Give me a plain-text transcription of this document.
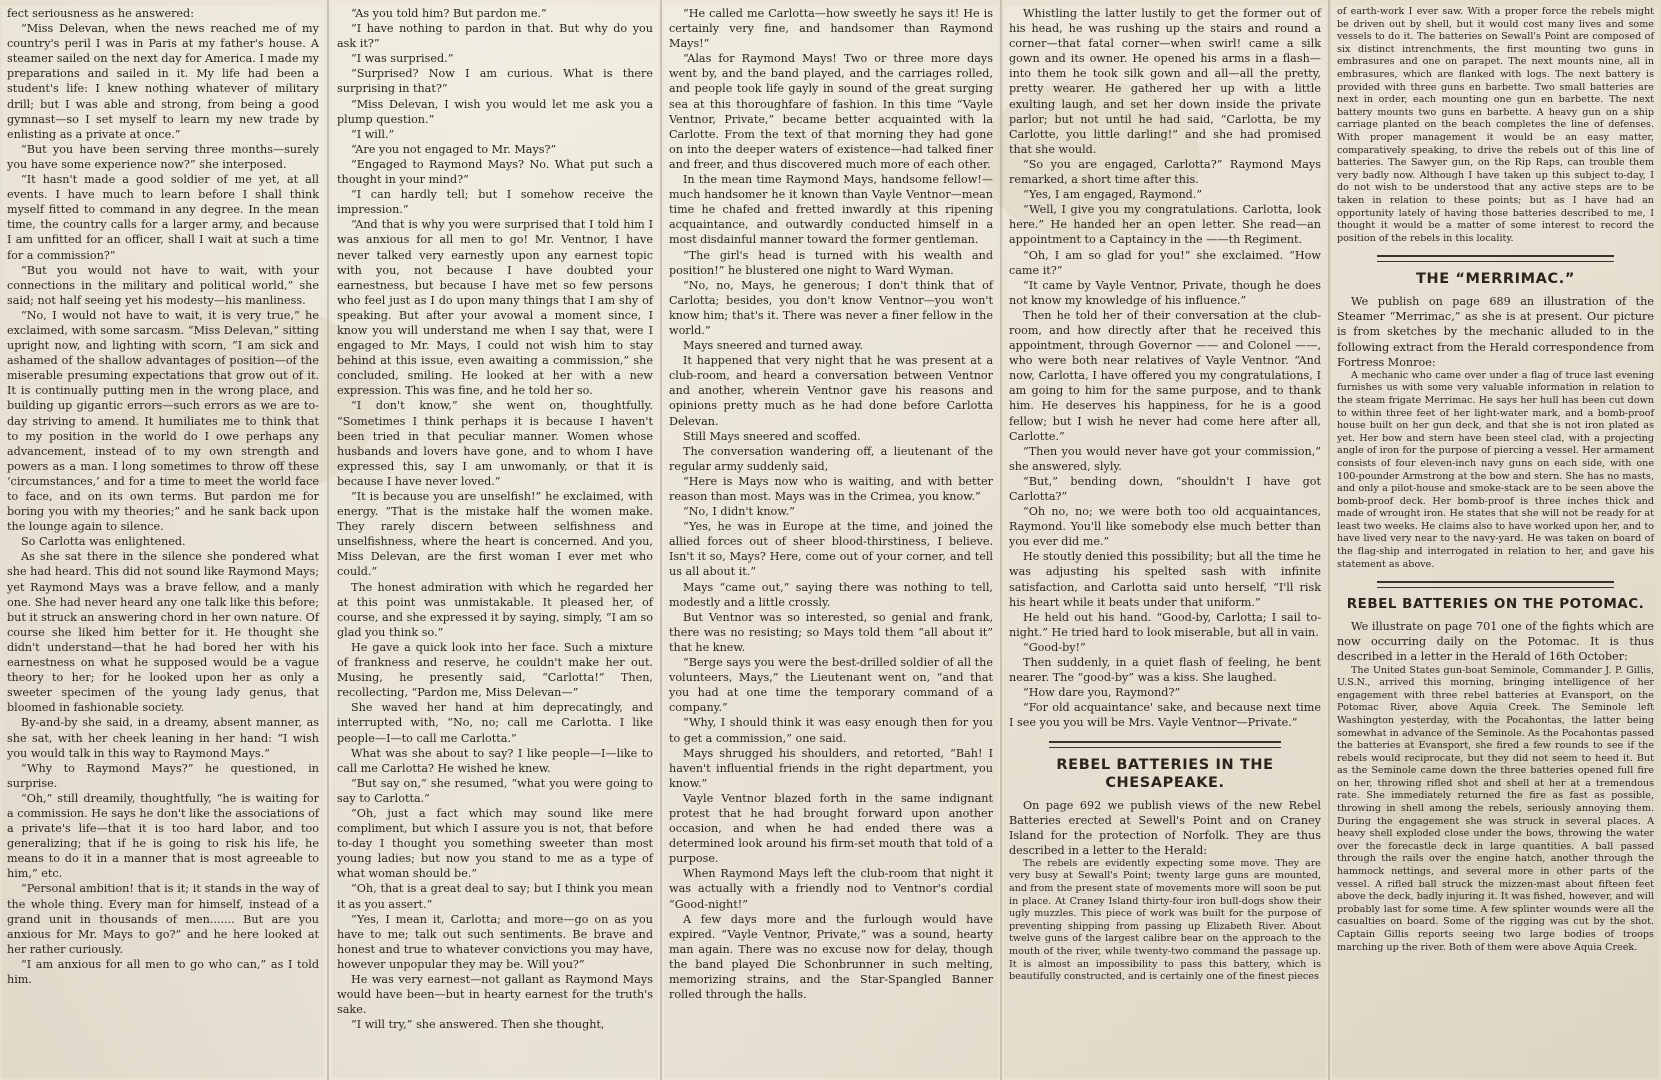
fect seriousness as he answered:

“Miss Delevan, when the news reached me of my country's peril I was in Paris at my father's house. A steamer sailed on the next day for America. I made my preparations and sailed in it. My life had been a student's life: I knew nothing whatever of military drill; but I was able and strong, from being a good gymnast—so I set myself to learn my new trade by enlisting as a private at once.”

“But you have been serving three months—surely you have some experience now?” she interposed.

“It hasn't made a good soldier of me yet, at all events. I have much to learn before I shall think myself fitted to command in any degree. In the mean time, the country calls for a larger army, and because I am unfitted for an officer, shall I wait at such a time for a commission?”

“But you would not have to wait, with your connections in the military and political world,” she said; not half seeing yet his modesty—his manliness.

“No, I would not have to wait, it is very true,” he exclaimed, with some sarcasm. “Miss Delevan,” sitting upright now, and lighting with scorn, “I am sick and ashamed of the shallow advantages of position—of the miserable presuming expectations that grow out of it. It is continually putting men in the wrong place, and building up gigantic errors—such errors as we are to-day striving to amend. It humiliates me to think that to my position in the world do I owe perhaps any advancement, instead of to my own strength and powers as a man. I long sometimes to throw off these ‘circumstances,’ and for a time to meet the world face to face, and on its own terms. But pardon me for boring you with my theories;” and he sank back upon the lounge again to silence.

So Carlotta was enlightened.

As she sat there in the silence she pondered what she had heard. This did not sound like Raymond Mays; yet Raymond Mays was a brave fellow, and a manly one. She had never heard any one talk like this before; but it struck an answering chord in her own nature. Of course she liked him better for it. He thought she didn't understand—that he had bored her with his earnestness on what he supposed would be a vague theory to her; for he looked upon her as only a sweeter specimen of the young lady genus, that bloomed in fashionable society.

By-and-by she said, in a dreamy, absent manner, as she sat, with her cheek leaning in her hand: “I wish you would talk in this way to Raymond Mays.”

“Why to Raymond Mays?” he questioned, in surprise.

“Oh,” still dreamily, thoughtfully, “he is waiting for a commission. He says he don't like the associations of a private's life—that it is too hard labor, and too generalizing; that if he is going to risk his life, he means to do it in a manner that is most agreeable to him,” etc.

“Personal ambition! that is it; it stands in the way of the whole thing. Every man for himself, instead of a grand unit in thousands of men....... But are you anxious for Mr. Mays to go?” and he here looked at her rather curiously.

“I am anxious for all men to go who can,” as I told him.

“As you told him? But pardon me.”

“I have nothing to pardon in that. But why do you ask it?”

“I was surprised.”

“Surprised? Now I am curious. What is there surprising in that?”

“Miss Delevan, I wish you would let me ask you a plump question.”

“I will.”

“Are you not engaged to Mr. Mays?”

“Engaged to Raymond Mays? No. What put such a thought in your mind?”

“I can hardly tell; but I somehow receive the impression.”

“And that is why you were surprised that I told him I was anxious for all men to go! Mr. Ventnor, I have never talked very earnestly upon any earnest topic with you, not because I have doubted your earnestness, but because I have met so few persons who feel just as I do upon many things that I am shy of speaking. But after your avowal a moment since, I know you will understand me when I say that, were I engaged to Mr. Mays, I could not wish him to stay behind at this issue, even awaiting a commission,” she concluded, smiling. He looked at her with a new expression. This was fine, and he told her so.

“I don't know,” she went on, thoughtfully. “Sometimes I think perhaps it is because I haven't been tried in that peculiar manner. Women whose husbands and lovers have gone, and to whom I have expressed this, say I am unwomanly, or that it is because I have never loved.”

“It is because you are unselfish!” he exclaimed, with energy. “That is the mistake half the women make. They rarely discern between selfishness and unselfishness, where the heart is concerned. And you, Miss Delevan, are the first woman I ever met who could.”

The honest admiration with which he regarded her at this point was unmistakable. It pleased her, of course, and she expressed it by saying, simply, “I am so glad you think so.”

He gave a quick look into her face. Such a mixture of frankness and reserve, he couldn't make her out. Musing, he presently said, “Carlotta!” Then, recollecting, “Pardon me, Miss Delevan—”

She waved her hand at him deprecatingly, and interrupted with, “No, no; call me Carlotta. I like people—I—to call me Carlotta.”

What was she about to say? I like people—I—like to call me Carlotta? He wished he knew.

“But say on,” she resumed, “what you were going to say to Carlotta.”

“Oh, just a fact which may sound like mere compliment, but which I assure you is not, that before to-day I thought you something sweeter than most young ladies; but now you stand to me as a type of what woman should be.”

“Oh, that is a great deal to say; but I think you mean it as you assert.”

“Yes, I mean it, Carlotta; and more—go on as you have to me; talk out such sentiments. Be brave and honest and true to whatever convictions you may have, however unpopular they may be. Will you?”

He was very earnest—not gallant as Raymond Mays would have been—but in hearty earnest for the truth's sake.

“I will try,” she answered. Then she thought,

“He called me Carlotta—how sweetly he says it! He is certainly very fine, and handsomer than Raymond Mays!”

“Alas for Raymond Mays! Two or three more days went by, and the band played, and the carriages rolled, and people took life gayly in sound of the great surging sea at this thoroughfare of fashion. In this time “Vayle Ventnor, Private,” became better acquainted with la Carlotte. From the text of that morning they had gone on into the deeper waters of existence—had talked finer and freer, and thus discovered much more of each other.

In the mean time Raymond Mays, handsome fellow!—much handsomer he it known than Vayle Ventnor—mean time he chafed and fretted inwardly at this ripening acquaintance, and outwardly conducted himself in a most disdainful manner toward the former gentleman.

“The girl's head is turned with his wealth and position!” he blustered one night to Ward Wyman.

“No, no, Mays, he generous; I don't think that of Carlotta; besides, you don't know Ventnor—you won't know him; that's it. There was never a finer fellow in the world.”

Mays sneered and turned away.

It happened that very night that he was present at a club-room, and heard a conversation between Ventnor and another, wherein Ventnor gave his reasons and opinions pretty much as he had done before Carlotta Delevan.

Still Mays sneered and scoffed.

The conversation wandering off, a lieutenant of the regular army suddenly said,

“Here is Mays now who is waiting, and with better reason than most. Mays was in the Crimea, you know.”

“No, I didn't know.”

“Yes, he was in Europe at the time, and joined the allied forces out of sheer blood-thirstiness, I believe. Isn't it so, Mays? Here, come out of your corner, and tell us all about it.”

Mays “came out,” saying there was nothing to tell, modestly and a little crossly.

But Ventnor was so interested, so genial and frank, there was no resisting; so Mays told them “all about it” that he knew.

“Berge says you were the best-drilled soldier of all the volunteers, Mays,” the Lieutenant went on, “and that you had at one time the temporary command of a company.”

“Why, I should think it was easy enough then for you to get a commission,” one said.

Mays shrugged his shoulders, and retorted, “Bah! I haven't influential friends in the right department, you know.”

Vayle Ventnor blazed forth in the same indignant protest that he had brought forward upon another occasion, and when he had ended there was a determined look around his firm-set mouth that told of a purpose.

When Raymond Mays left the club-room that night it was actually with a friendly nod to Ventnor's cordial “Good-night!”

A few days more and the furlough would have expired. “Vayle Ventnor, Private,” was a sound, hearty man again. There was no excuse now for delay, though the band played Die Schonbrunner in such melting, memorizing strains, and the Star-Spangled Banner rolled through the halls.

Whistling the latter lustily to get the former out of his head, he was rushing up the stairs and round a corner—that fatal corner—when swirl! came a silk gown and its owner. He opened his arms in a flash—into them he took silk gown and all—all the pretty, pretty wearer. He gathered her up with a little exulting laugh, and set her down inside the private parlor; but not until he had said, “Carlotta, be my Carlotte, you little darling!” and she had promised that she would.

“So you are engaged, Carlotta?” Raymond Mays remarked, a short time after this.

“Yes, I am engaged, Raymond.”

“Well, I give you my congratulations. Carlotta, look here.” He handed her an open letter. She read—an appointment to a Captaincy in the ——th Regiment.

“Oh, I am so glad for you!” she exclaimed. “How came it?”

“It came by Vayle Ventnor, Private, though he does not know my knowledge of his influence.”

Then he told her of their conversation at the club-room, and how directly after that he received this appointment, through Governor —— and Colonel ——, who were both near relatives of Vayle Ventnor. “And now, Carlotta, I have offered you my congratulations, I am going to him for the same purpose, and to thank him. He deserves his happiness, for he is a good fellow; but I wish he never had come here after all, Carlotte.”

“Then you would never have got your commission,” she answered, slyly.

“But,” bending down, “shouldn't I have got Carlotta?”

“Oh no, no; we were both too old acquaintances, Raymond. You'll like somebody else much better than you ever did me.”

He stoutly denied this possibility; but all the time he was adjusting his spelted sash with infinite satisfaction, and Carlotta said unto herself, “I'll risk his heart while it beats under that uniform.”

He held out his hand. “Good-by, Carlotta; I sail to-night.” He tried hard to look miserable, but all in vain.

“Good-by!”

Then suddenly, in a quiet flash of feeling, he bent nearer. The “good-by” was a kiss. She laughed.

“How dare you, Raymond?”

“For old acquaintance' sake, and because next time I see you you will be Mrs. Vayle Ventnor—Private.”

REBEL BATTERIES IN THE CHESAPEAKE.

On page 692 we publish views of the new Rebel Batteries erected at Sewell's Point and on Craney Island for the protection of Norfolk. They are thus described in a letter to the Herald:

The rebels are evidently expecting some move. They are very busy at Sewall's Point; twenty large guns are mounted, and from the present state of movements more will soon be put in place. At Craney Island thirty-four iron bull-dogs show their ugly muzzles. This piece of work was built for the purpose of preventing shipping from passing up Elizabeth River. About twelve guns of the largest calibre bear on the approach to the mouth of the river, while twenty-two command the passage up. It is almost an impossibility to pass this battery, which is beautifully constructed, and is certainly one of the finest pieces

of earth-work I ever saw. With a proper force the rebels might be driven out by shell, but it would cost many lives and some vessels to do it. The batteries on Sewall's Point are composed of six distinct intrenchments, the first mounting two guns in embrasures and one on parapet. The next mounts nine, all in embrasures, which are flanked with logs. The next battery is provided with three guns en barbette. Two small batteries are next in order, each mounting one gun en barbette. The next battery mounts two guns en barbette. A heavy gun on a ship carriage planted on the beach completes the line of defenses. With proper management it would be an easy matter, comparatively speaking, to drive the rebels out of this line of batteries. The Sawyer gun, on the Rip Raps, can trouble them very badly now. Although I have taken up this subject to-day, I do not wish to be understood that any active steps are to be taken in relation to these points; but as I have had an opportunity lately of having those batteries described to me, I thought it would be a matter of some interest to record the position of the rebels in this locality.

THE “MERRIMAC.”

We publish on page 689 an illustration of the Steamer “Merrimac,” as she is at present. Our picture is from sketches by the mechanic alluded to in the following extract from the Herald correspondence from Fortress Monroe:

A mechanic who came over under a flag of truce last evening furnishes us with some very valuable information in relation to the steam frigate Merrimac. He says her hull has been cut down to within three feet of her light-water mark, and a bomb-proof house built on her gun deck, and that she is not iron plated as yet. Her bow and stern have been steel clad, with a projecting angle of iron for the purpose of piercing a vessel. Her armament consists of four eleven-inch navy guns on each side, with one 100-pounder Armstrong at the bow and stern. She has no masts, and only a pilot-house and smoke-stack are to be seen above the bomb-proof deck. Her bomb-proof is three inches thick and made of wrought iron. He states that she will not be ready for at least two weeks. He claims also to have worked upon her, and to have lived very near to the navy-yard. He was taken on board of the flag-ship and interrogated in relation to her, and gave his statement as above.

REBEL BATTERIES ON THE POTOMAC.

We illustrate on page 701 one of the fights which are now occurring daily on the Potomac. It is thus described in a letter in the Herald of 16th October:

The United States gun-boat Seminole, Commander J. P. Gillis, U.S.N., arrived this morning, bringing intelligence of her engagement with three rebel batteries at Evansport, on the Potomac River, above Aquia Creek. The Seminole left Washington yesterday, with the Pocahontas, the latter being somewhat in advance of the Seminole. As the Pocahontas passed the batteries at Evansport, she fired a few rounds to see if the rebels would reciprocate, but they did not seem to heed it. But as the Seminole came down the three batteries opened full fire on her, throwing rifled shot and shell at her at a tremendous rate. She immediately returned the fire as fast as possible, throwing in shell among the rebels, seriously annoying them. During the engagement she was struck in several places. A heavy shell exploded close under the bows, throwing the water over the forecastle deck in large quantities. A ball passed through the rails over the engine hatch, another through the hammock nettings, and several more in other parts of the vessel. A rifled ball struck the mizzen-mast about fifteen feet above the deck, badly injuring it. It was fished, however, and will probably last for some time. A few splinter wounds were all the casualties on board. Some of the rigging was cut by the shot. Captain Gillis reports seeing two large bodies of troops marching up the river. Both of them were above Aquia Creek.
